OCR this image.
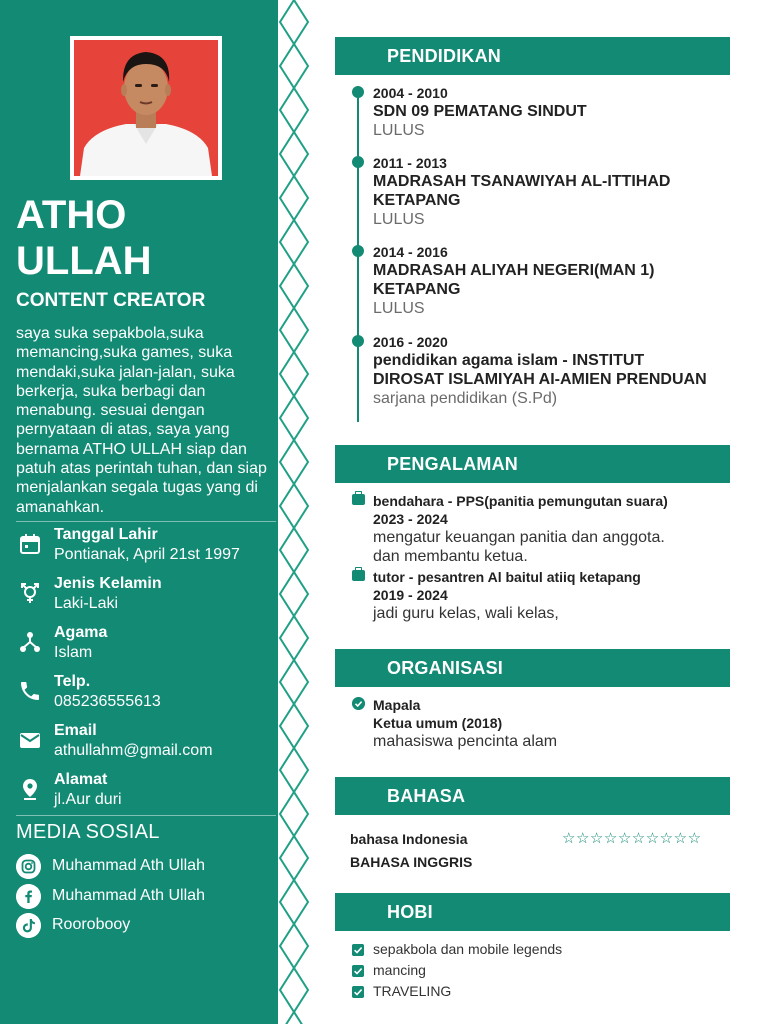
ATHO
ULLAH
CONTENT CREATOR
saya suka sepakbola,suka memancing,suka games, suka mendaki,suka jalan-jalan, suka berkerja, suka berbagi dan menabung. sesuai dengan pernyataan di atas, saya yang bernama ATHO ULLAH siap dan patuh atas perintah tuhan, dan siap menjalankan segala tugas yang di amanahkan.
Tanggal Lahir
Pontianak, April 21st 1997
Jenis Kelamin
Laki-Laki
Agama
Islam
Telp.
085236555613
Email
athullahm@gmail.com
Alamat
jl.Aur duri
MEDIA SOSIAL
Muhammad Ath Ullah
Muhammad Ath Ullah
Roorobooy
PENDIDIKAN
2004 - 2010
SDN 09 PEMATANG SINDUT
LULUS
2011 - 2013
MADRASAH TSANAWIYAH AL-ITTIHAD
KETAPANG
LULUS
2014 - 2016
MADRASAH ALIYAH NEGERI(MAN 1)
KETAPANG
LULUS
2016 - 2020
pendidikan agama islam - INSTITUT
DIROSAT ISLAMIYAH AI-AMIEN PRENDUAN
sarjana pendidikan (S.Pd)
PENGALAMAN
bendahara - PPS(panitia pemungutan suara)
2023 - 2024
mengatur keuangan panitia dan anggota.
dan membantu ketua.
tutor - pesantren Al baitul atiiq ketapang
2019 - 2024
jadi guru kelas, wali kelas,
ORGANISASI
Mapala
Ketua umum (2018)
mahasiswa pencinta alam
BAHASA
bahasa Indonesia	☆☆☆☆☆☆☆☆☆☆
BAHASA INGGRIS
HOBI
sepakbola dan mobile legends
mancing
TRAVELING
